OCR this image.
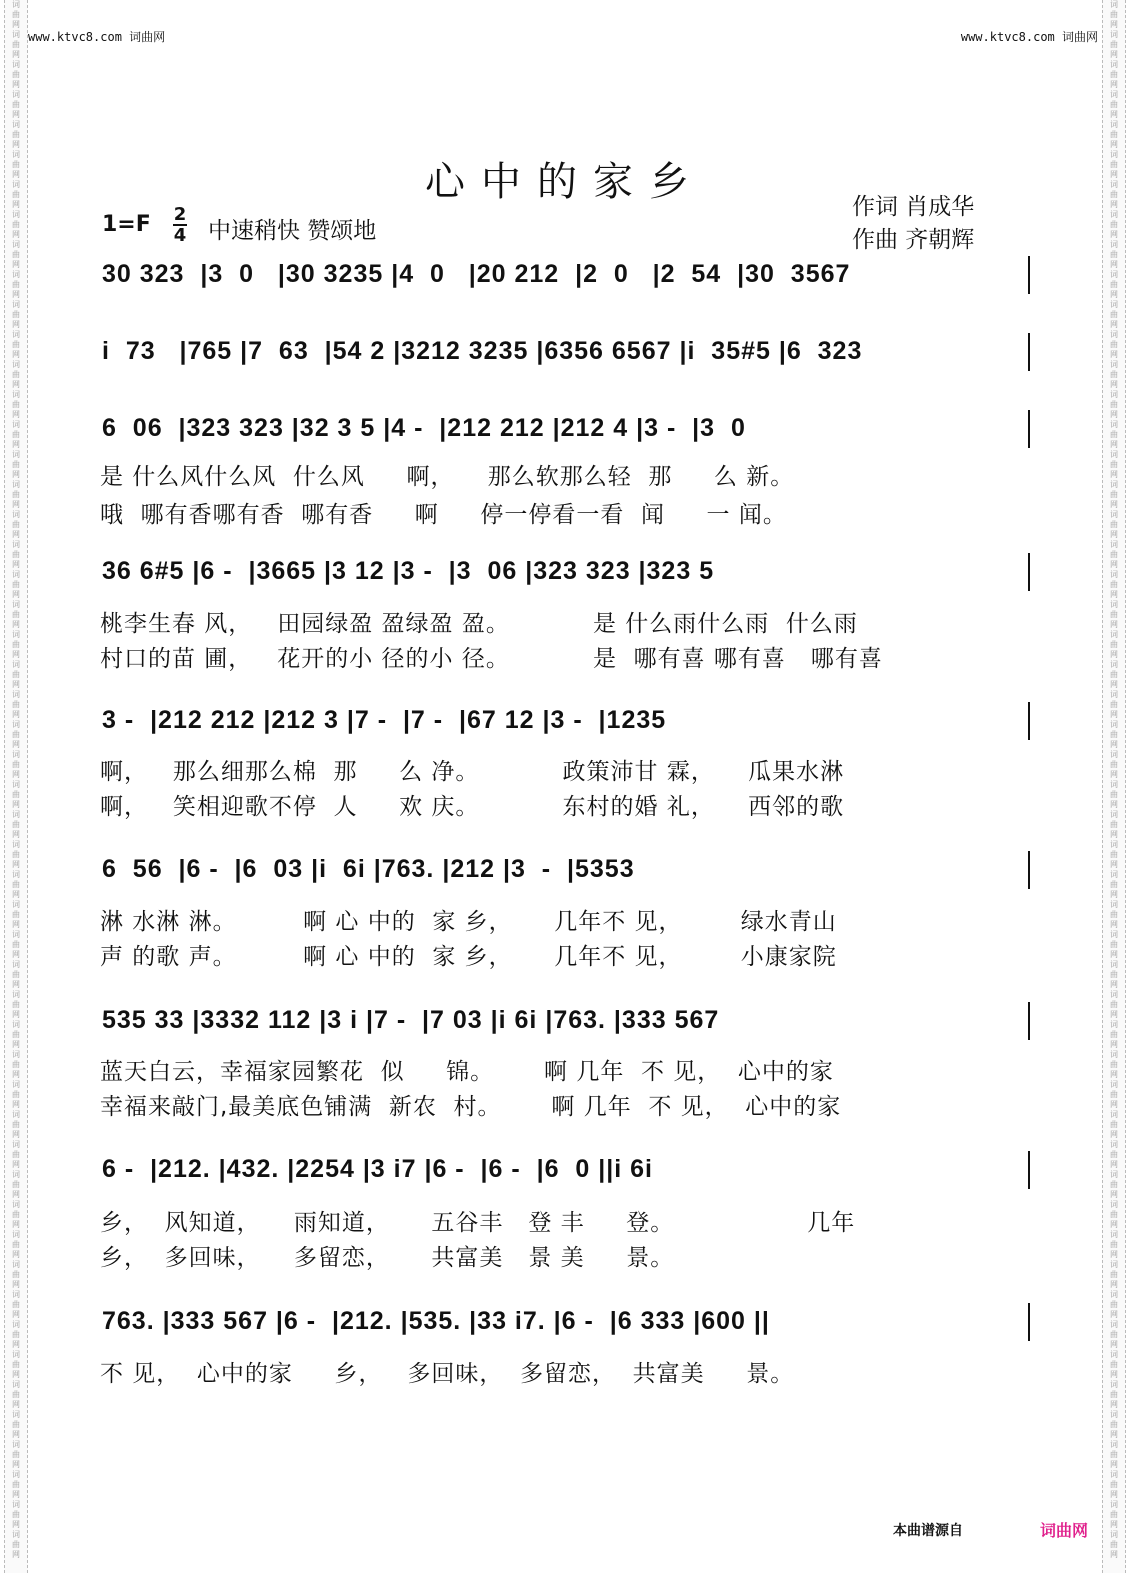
词
曲
网
词
曲
网
词
曲
网
词
曲
网
词
曲
网
词
曲
网
词
曲
网
词
曲
网
词
曲
网
词
曲
网
词
曲
网
词
曲
网
词
曲
网
词
曲
网
词
曲
网
词
曲
网
词
曲
网
词
曲
网
词
曲
网
词
曲
网
词
曲
网
词
曲
网
词
曲
网
词
曲
网
词
曲
网
词
曲
网
词
曲
网
词
曲
网
词
曲
网
词
曲
网
词
曲
网
词
曲
网
词
曲
网
词
曲
网
词
曲
网
词
曲
网
词
曲
网
词
曲
网
词
曲
网
词
曲
网
词
曲
网
词
曲
网
词
曲
网
词
曲
网
词
曲
网
词
曲
网
词
曲
网
词
曲
网
词
曲
网
词
曲
网
词
曲
网
词
曲
网
词
曲
网
词
曲
网
词
曲
网
词
曲
网
词
曲
网
词
曲
网
词
曲
网
词
曲
网
词
曲
网
词
曲
网
词
曲
网
词
曲
网
词
曲
网
词
曲
网
词
曲
网
词
曲
网
词
曲
网
词
曲
网
词
曲
网
词
曲
网
词
曲
网
词
曲
网
词
曲
网
词
曲
网
词
曲
网
词
曲
网
词
曲
网
词
曲
网
词
曲
网
词
曲
网
词
曲
网
词
曲
网
词
曲
网
词
曲
网
词
曲
网
词
曲
网
词
曲
网
词
曲
网
词
曲
网
词
曲
网
词
曲
网
词
曲
网
词
曲
网
词
曲
网
词
曲
网
词
曲
网
词
曲
网
词
曲
网
词
曲
网
词
曲
网
词
曲
网
词
曲
网
www.ktvc8.com 词曲网	www.ktvc8.com 词曲网
心中的家乡
作词 肖成华
作曲 齐朝辉
1=F 2
4 中速稍快 赞颂地
30 323  |3  0   |30 3235 |4  0   |20 212  |2  0   |2  54  |30  3567
i  73   |765 |7  63  |54 2 |3212 3235 |6356 6567 |i  35#5 |6  323
6  06  |323 323 |32 3 5 |4 -  |212 212 |212 4 |3 -  |3  0
是 什么风什么风  什么风     啊，    那么软那么轻  那     么 新。
哦  哪有香哪有香  哪有香     啊     停一停看一看  闻     一 闻。
36 6#5 |6 -  |3665 |3 12 |3 -  |3  06 |323 323 |323 5
桃李生春 风，   田园绿盈 盈绿盈 盈。          是 什么雨什么雨  什么雨
村口的苗 圃，   花开的小 径的小 径。          是  哪有喜 哪有喜   哪有喜
3 -  |212 212 |212 3 |7 -  |7 -  |67 12 |3 -  |1235
啊，   那么细那么棉  那     么 净。          政策沛甘 霖，    瓜果水淋
啊，   笑相迎歌不停  人     欢 庆。          东村的婚 礼，    西邻的歌
6  56  |6 -  |6  03 |i  6i |763. |212 |3  -  |5353
淋 水淋 淋。        啊 心 中的  家 乡，     几年不 见，       绿水青山
声 的歌 声。        啊 心 中的  家 乡，     几年不 见，       小康家院
535 33 |3332 112 |3 i |7 -  |7 03 |i 6i |763. |333 567
蓝天白云，幸福家园繁花  似     锦。      啊 几年  不 见，  心中的家
幸福来敲门,最美底色铺满  新农  村。      啊 几年  不 见，  心中的家
6 -  |212. |432. |2254 |3 i7 |6 -  |6 -  |6  0 ||i 6i
乡，  风知道，    雨知道，     五谷丰   登 丰     登。                几年
乡，  多回味，    多留恋，     共富美   景 美     景。
763. |333 567 |6 -  |212. |535. |33 i7. |6 -  |6 333 |600 ||
不 见，  心中的家     乡，   多回味，  多留恋，  共富美     景。
本曲谱源自	词曲网
